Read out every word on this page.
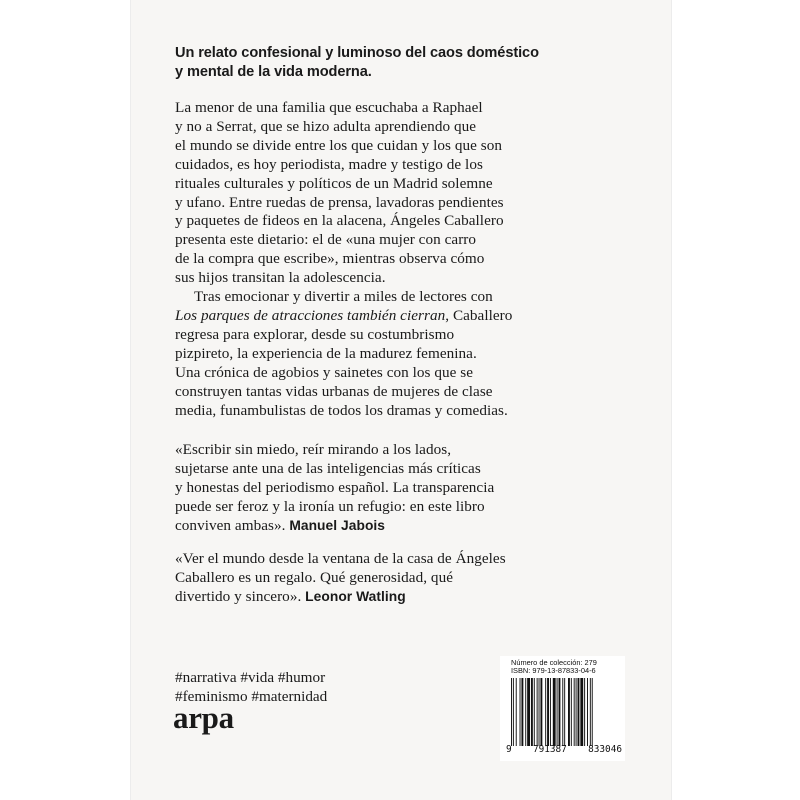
Un relato confesional y luminoso del caos doméstico
y mental de la vida moderna.

La menor de una familia que escuchaba a Raphael
y no a Serrat, que se hizo adulta aprendiendo que
el mundo se divide entre los que cuidan y los que son
cuidados, es hoy periodista, madre y testigo de los
rituales culturales y políticos de un Madrid solemne
y ufano. Entre ruedas de prensa, lavadoras pendientes
y paquetes de fideos en la alacena, Ángeles Caballero
presenta este dietario: el de «una mujer con carro
de la compra que escribe», mientras observa cómo
sus hijos transitan la adolescencia.

Tras emocionar y divertir a miles de lectores con
Los parques de atracciones también cierran, Caballero
regresa para explorar, desde su costumbrismo
pizpireto, la experiencia de la madurez femenina.
Una crónica de agobios y sainetes con los que se
construyen tantas vidas urbanas de mujeres de clase
media, funambulistas de todos los dramas y comedias.

«Escribir sin miedo, reír mirando a los lados,
sujetarse ante una de las inteligencias más críticas
y honestas del periodismo español. La transparencia
puede ser feroz y la ironía un refugio: en este libro
conviven ambas». Manuel Jabois

«Ver el mundo desde la ventana de la casa de Ángeles
Caballero es un regalo. Qué generosidad, qué
divertido y sincero». Leonor Watling

#narrativa #vida #humor
#feminismo #maternidad
arpa
Número de colección: 279
ISBN: 979-13-87833-04-6
9 791387 833046
